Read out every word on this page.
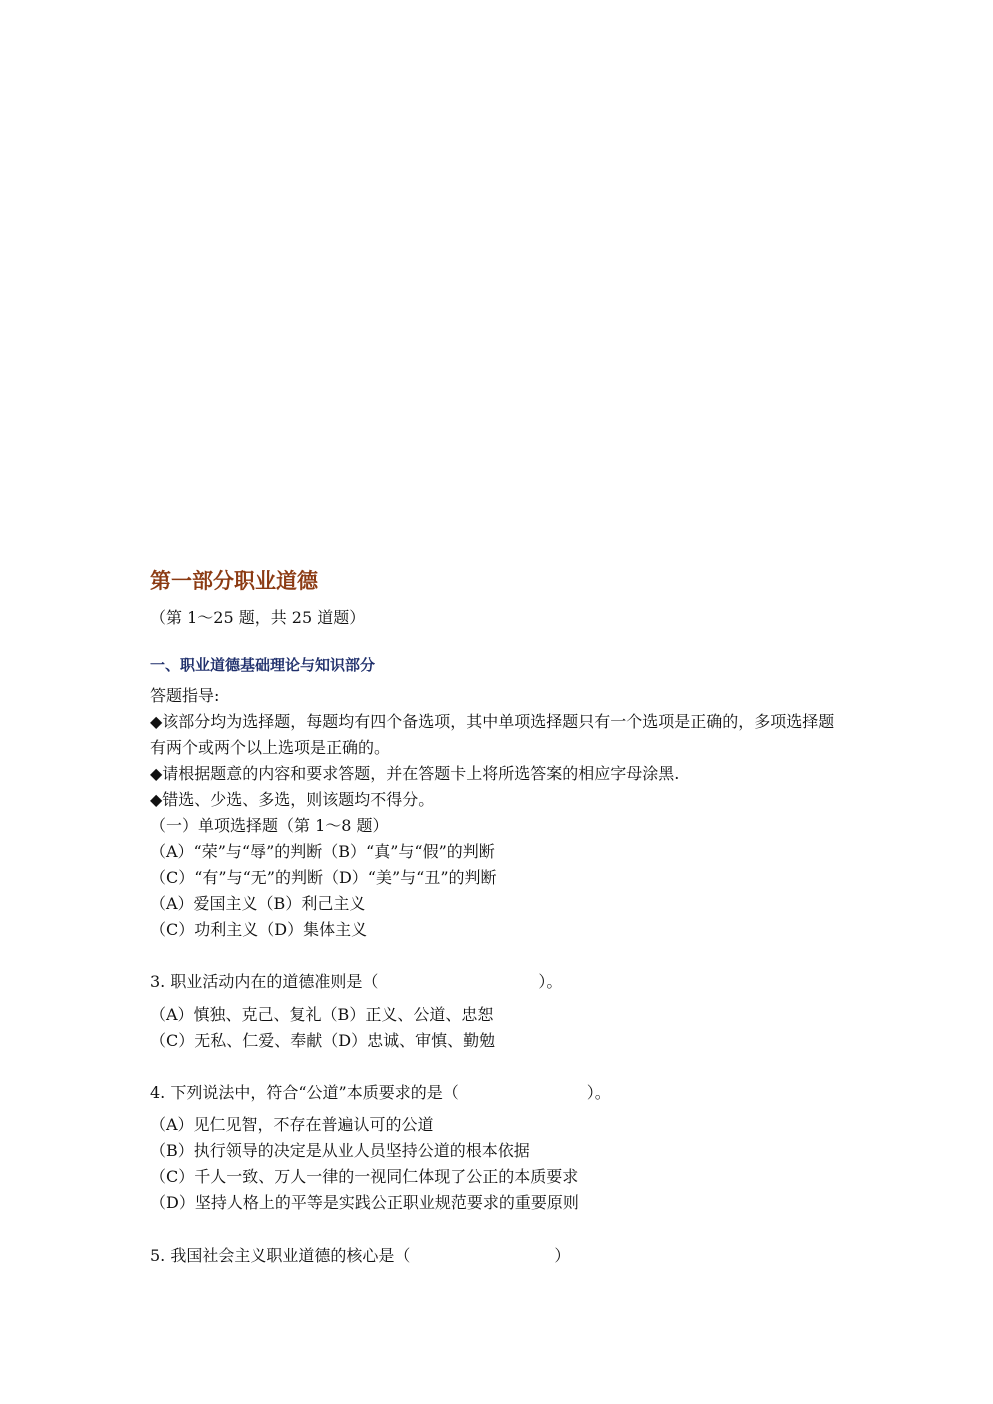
第一部分职业道德
（第 1～25 题，共 25 道题）
一、职业道德基础理论与知识部分
答题指导:
◆该部分均为选择题，每题均有四个备选项，其中单项选择题只有一个选项是正确的，多项选择题有两个或两个以上选项是正确的。
◆请根据题意的内容和要求答题，并在答题卡上将所选答案的相应字母涂黑.
◆错选、少选、多选，则该题均不得分。
（一）单项选择题（第 1～8 题）
（A）“荣”与“辱”的判断（B）“真”与“假”的判断
（C）“有”与“无”的判断（D）“美”与“丑”的判断
（A）爱国主义（B）利己主义
（C）功利主义（D）集体主义
3. 职业活动内在的道德准则是（　　　　　　　　　　）。
（A）慎独、克己、复礼（B）正义、公道、忠恕
（C）无私、仁爱、奉献（D）忠诚、审慎、勤勉
4. 下列说法中，符合“公道”本质要求的是（　　　　　　　　）。
（A）见仁见智，不存在普遍认可的公道
（B）执行领导的决定是从业人员坚持公道的根本依据
（C）千人一致、万人一律的一视同仁体现了公正的本质要求
（D）坚持人格上的平等是实践公正职业规范要求的重要原则
5. 我国社会主义职业道德的核心是（　　　　　　　　　）
